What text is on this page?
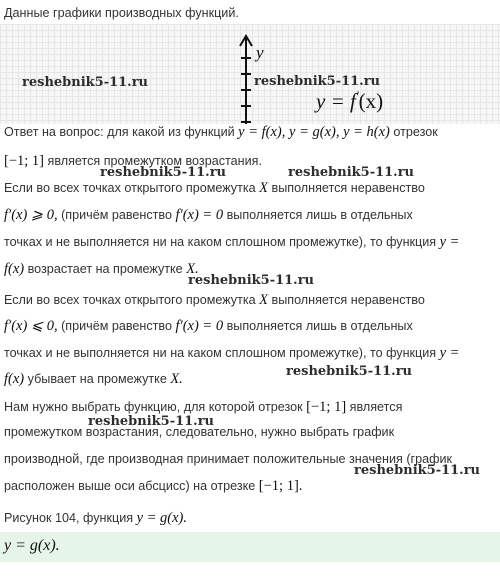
Данные графики производных функций.
y
y = f′(x)
reshebnik5-11.ru	reshebnik5-11.ru
reshebnik5-11.ru	reshebnik5-11.ru
reshebnik5-11.ru
reshebnik5-11.ru
reshebnik5-11.ru
reshebnik5-11.ru
Ответ на вопрос: для какой из функций y = f(x), y = g(x), y = h(x) отрезок
[−1; 1] является промежутком возрастания.
Если во всех точках открытого промежутка X выполняется неравенство
f′(x) ⩾ 0, (причём равенство f′(x) = 0 выполняется лишь в отдельных
точках и не выполняется ни на каком сплошном промежутке), то функция y =
f(x) возрастает на промежутке X.
Если во всех точках открытого промежутка X выполняется неравенство
f′(x) ⩽ 0, (причём равенство f′(x) = 0 выполняется лишь в отдельных
точках и не выполняется ни на каком сплошном промежутке), то функция y =
f(x) убывает на промежутке X.
Нам нужно выбрать функцию, для которой отрезок [−1; 1] является
промежутком возрастания, следовательно, нужно выбрать график
производной, где производная принимает положительные значения (график
расположен выше оси абсцисс) на отрезке [−1; 1].
Рисунок 104, функция y = g(x).
y = g(x).
